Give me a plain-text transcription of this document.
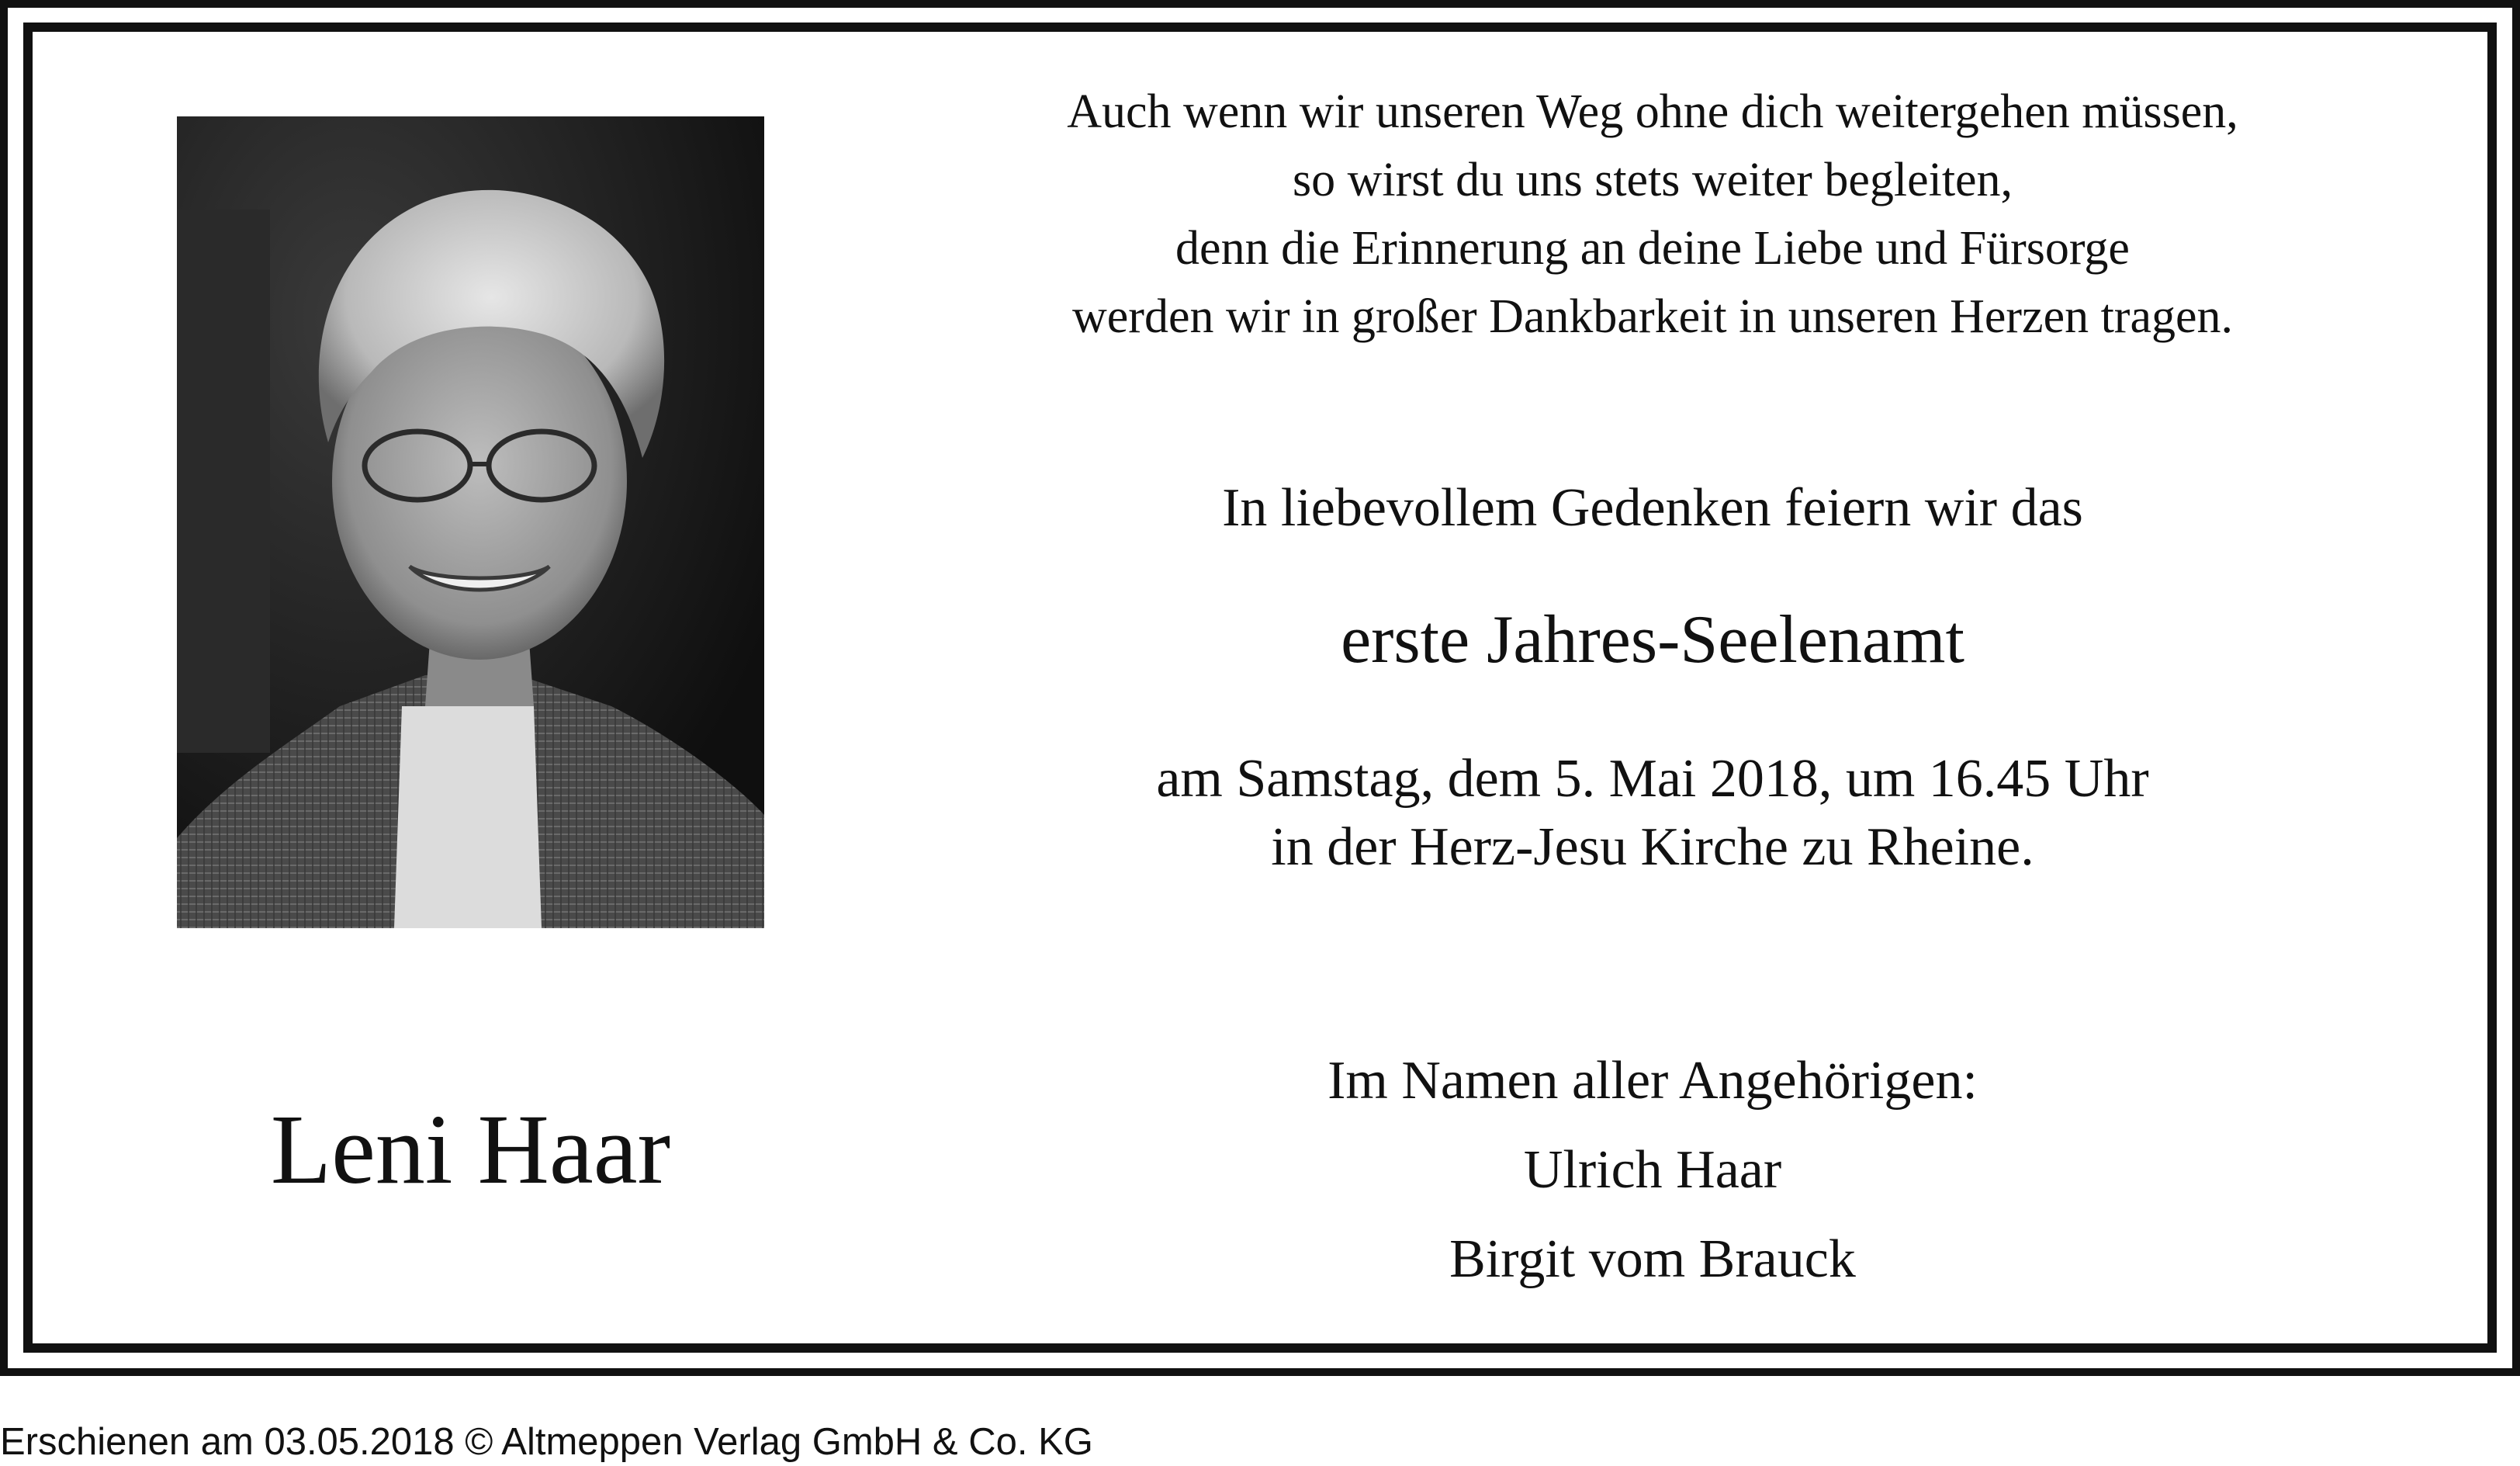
Leni Haar
Auch wenn wir unseren Weg ohne dich weitergehen müssen,
so wirst du uns stets weiter begleiten,
denn die Erinnerung an deine Liebe und Fürsorge
werden wir in großer Dankbarkeit in unseren Herzen tragen.
In liebevollem Gedenken feiern wir das
erste Jahres-Seelenamt
am Samstag, dem 5. Mai 2018, um 16.45 Uhr
in der Herz-Jesu Kirche zu Rheine.
Im Namen aller Angehörigen:
Ulrich Haar
Birgit vom Brauck
Erschienen am 03.05.2018 © Altmeppen Verlag GmbH & Co. KG
